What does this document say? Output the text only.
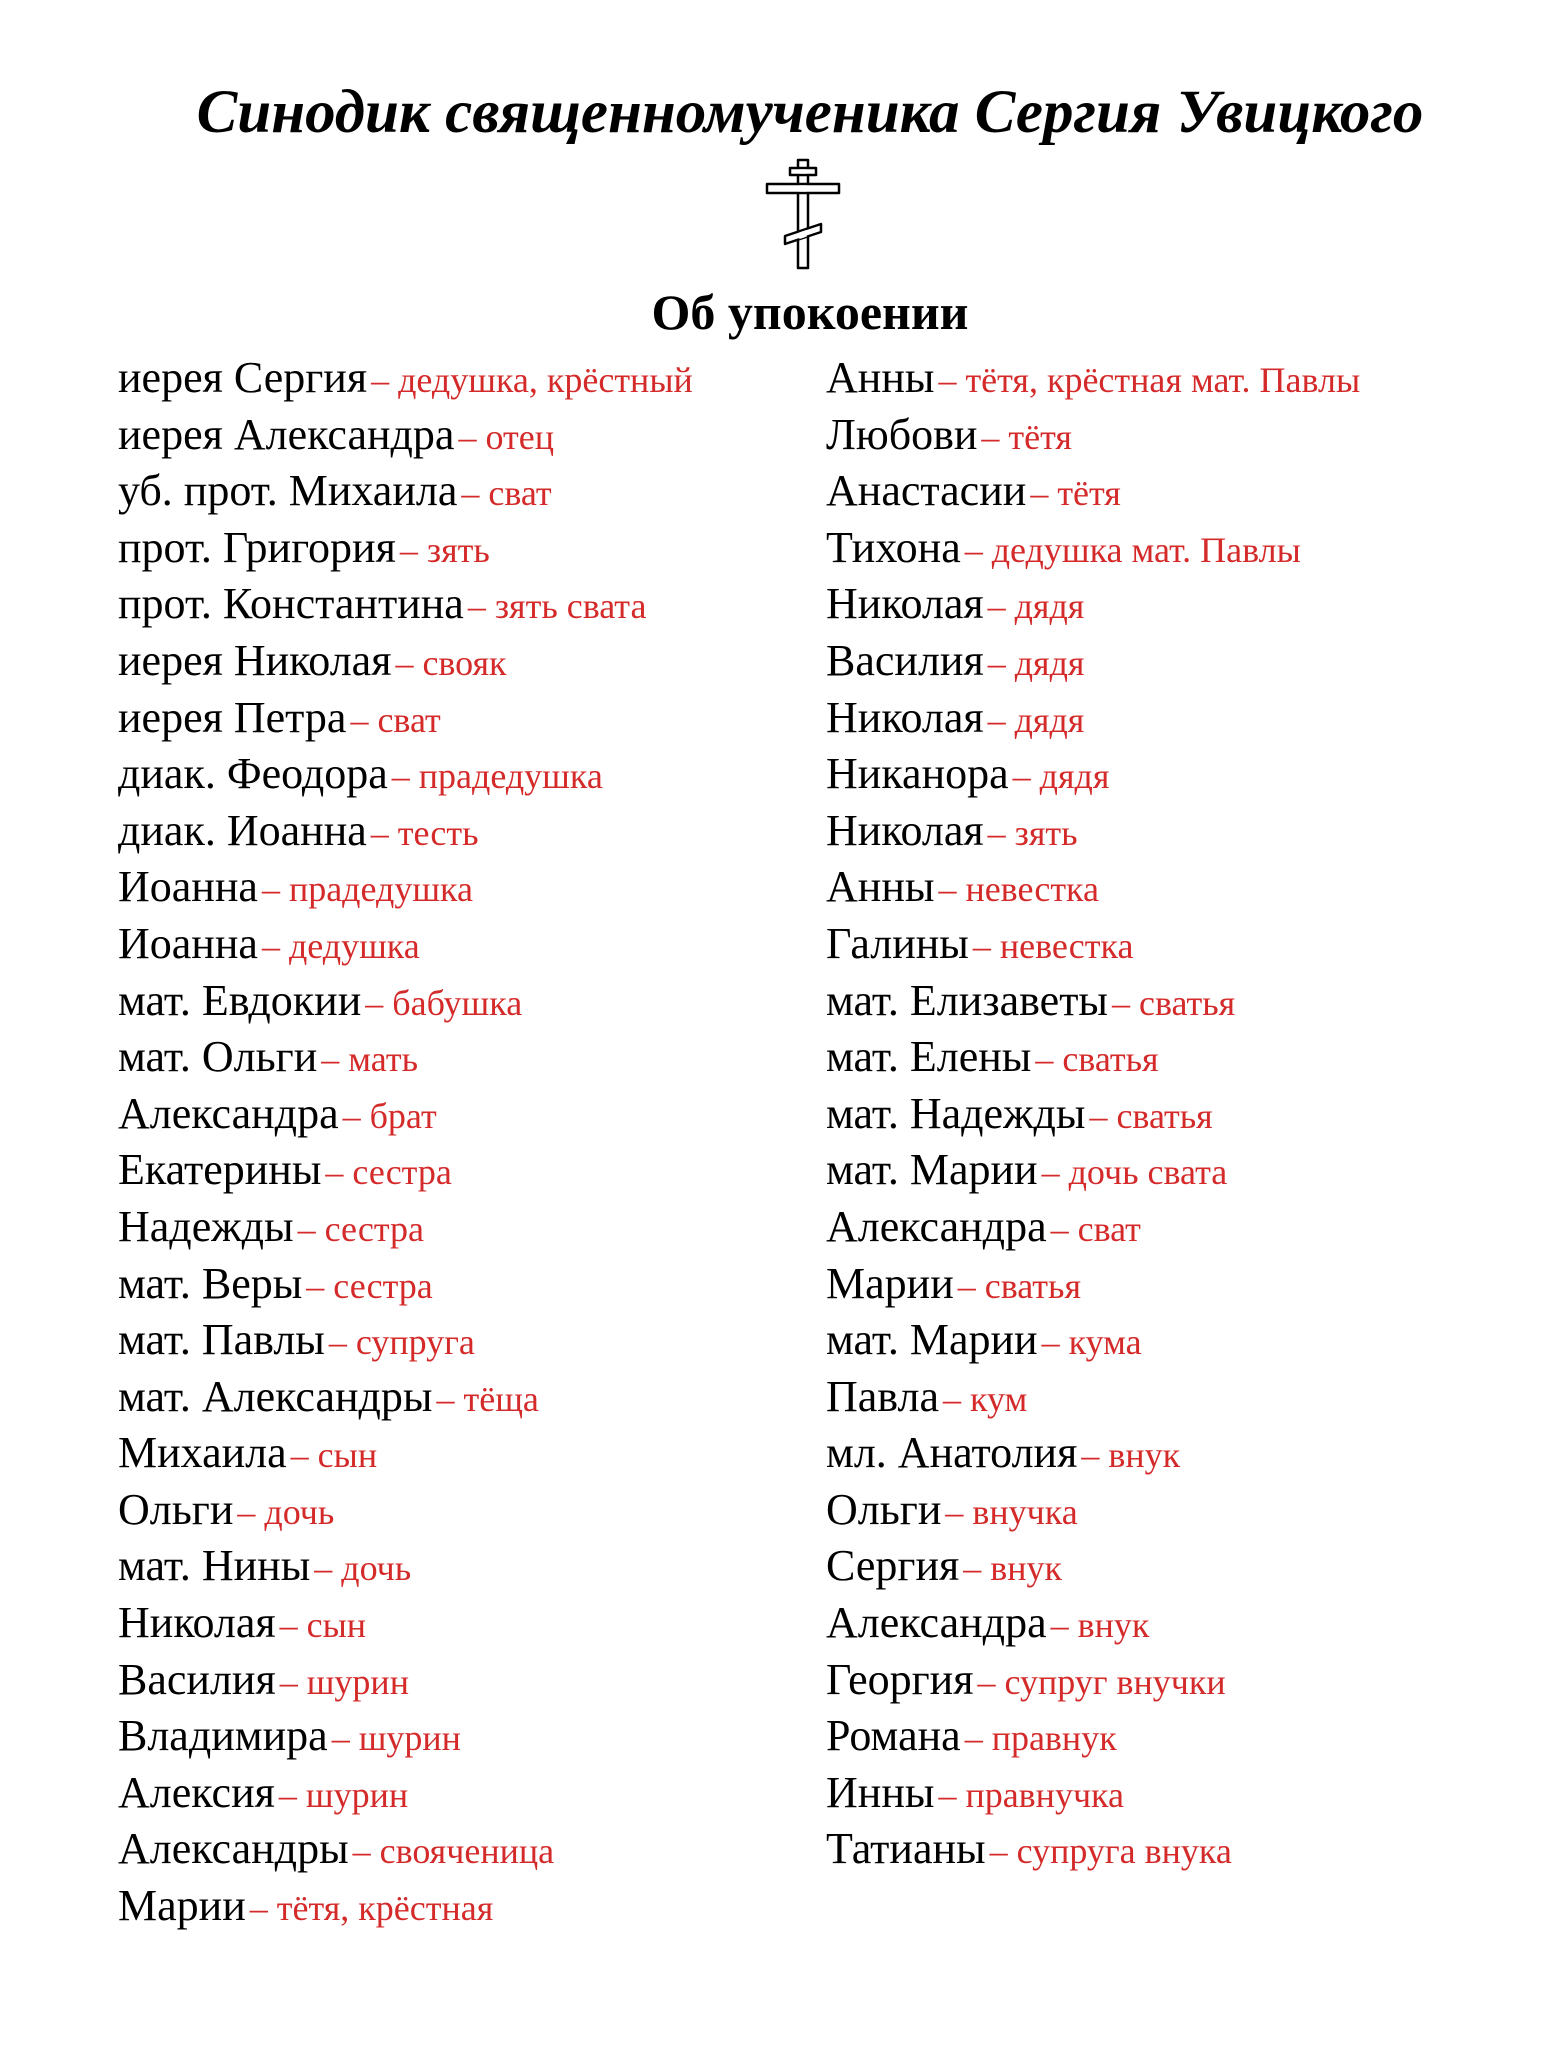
Синодик священномученика Сергия Увицкого
Об упокоении
иерея Сергия – дедушка, крёстный
иерея Александра – отец
уб. прот. Михаила – сват
прот. Григория – зять
прот. Константина – зять свата
иерея Николая – свояк
иерея Петра – сват
диак. Феодора – прадедушка
диак. Иоанна – тесть
Иоанна – прадедушка
Иоанна – дедушка
мат. Евдокии – бабушка
мат. Ольги – мать
Александра – брат
Екатерины – сестра
Надежды – сестра
мат. Веры – сестра
мат. Павлы – супруга
мат. Александры – тёща
Михаила – сын
Ольги – дочь
мат. Нины – дочь
Николая – сын
Василия – шурин
Владимира – шурин
Алексия – шурин
Александры – свояченица
Марии – тётя, крёстная
Анны – тётя, крёстная мат. Павлы
Любови – тётя
Анастасии – тётя
Тихона – дедушка мат. Павлы
Николая – дядя
Василия – дядя
Николая – дядя
Никанора – дядя
Николая – зять
Анны – невестка
Галины – невестка
мат. Елизаветы – сватья
мат. Елены – сватья
мат. Надежды – сватья
мат. Марии – дочь свата
Александра – сват
Марии – сватья
мат. Марии – кума
Павла – кум
мл. Анатолия – внук
Ольги – внучка
Сергия – внук
Александра – внук
Георгия – супруг внучки
Романа – правнук
Инны – правнучка
Татианы – супруга внука
